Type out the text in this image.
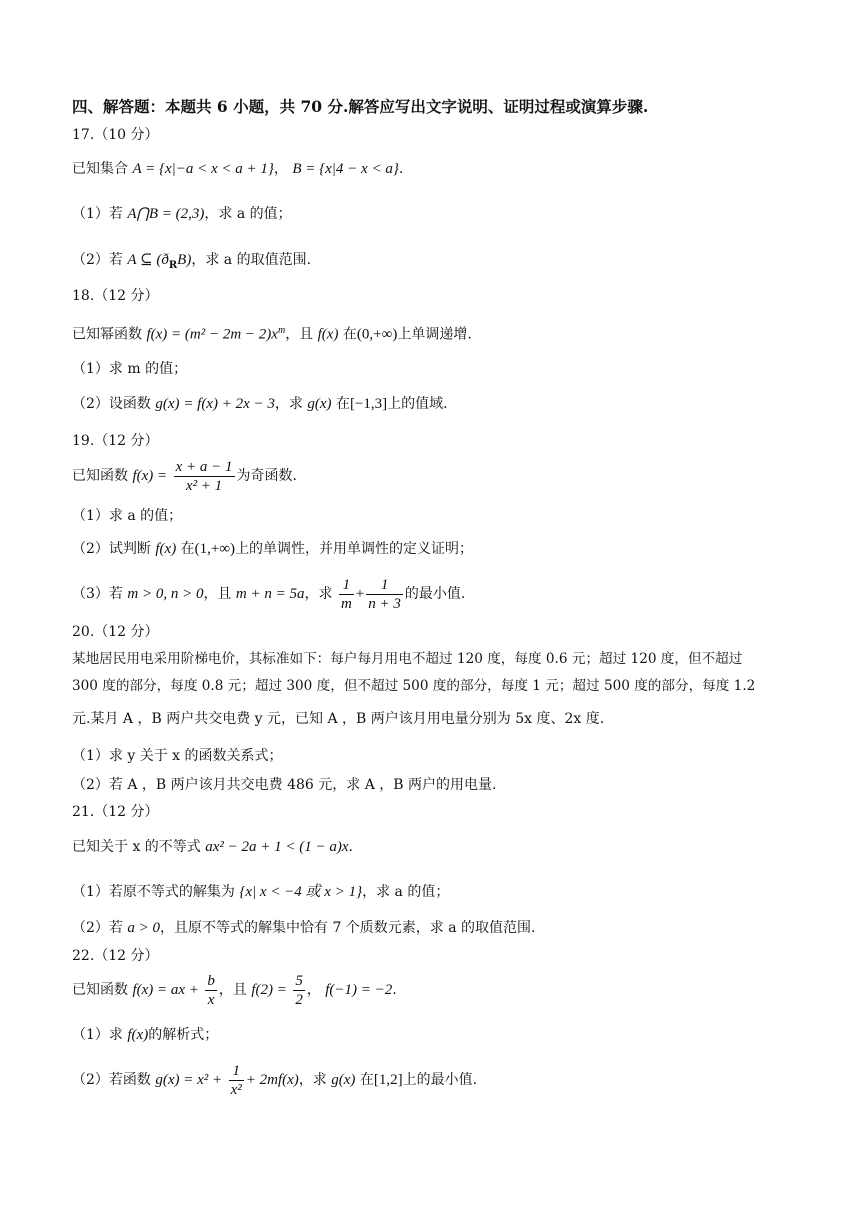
四、解答题：本题共 6 小题，共 70 分.解答应写出文字说明、证明过程或演算步骤.
17.（10 分）
已知集合 A = {x|−a < x < a + 1}， B = {x|4 − x < a}.
（1）若 A⋂B = (2,3)，求 a 的值；
（2）若 A ⊆ $(ð_RB)$，求 a 的取值范围.
18.（12 分）
已知幂函数 $f(x) = (m^2 - 2m - 2)x^m$，且 f(x) 在(0,+∞)上单调递增.
（1）求 m 的值；
（2）设函数 g(x) = f(x) + 2x − 3，求 g(x) 在[−1,3]上的值域.
19.（12 分）
已知函数 $f(x) = \frac{x + a - 1}{\text{x² + 1}}$ 为奇函数.
（1）求 a 的值；
（2）试判断 f(x) 在(1,+∞)上的单调性，并用单调性的定义证明；
（3）若 m > 0, n > 0，且 m + n = 5a，求 $\frac{1}{m} + \frac{1}{n + 3}$ 的最小值.
20.（12 分）
某地居民用电采用阶梯电价，其标准如下：每户每月用电不超过 120 度，每度 0.6 元；超过 120 度，但不超过
300 度的部分，每度 0.8 元；超过 300 度，但不超过 500 度的部分，每度 1 元；超过 500 度的部分，每度 1.2
元.某月 A ，B 两户共交电费 y 元，已知 A ，B 两户该月用电量分别为 5x 度、2x 度.
（1）求 y 关于 x 的函数关系式；
（2）若 A ，B 两户该月共交电费 486 元，求 A ，B 两户的用电量.
21.（12 分）
已知关于 x 的不等式 ax² − 2a + 1 < (1 − a)x.
（1）若原不等式的解集为 {x| x < −4 或 x > 1}，求 a 的值；
（2）若 a > 0，且原不等式的解集中恰有 7 个质数元素，求 a 的取值范围.
22.（12 分）
已知函数 f(x) = ax + $\frac{b}{x}$ ，且 $f(2) = \frac{5}{2}$ ， f(−1) = −2.
（1）求 f(x)的解析式；
（2）若函数 $g(x) = x^2 + \frac{1}{\text{x²}} + 2mf(x)$，求 g(x) 在[1,2]上的最小值.
